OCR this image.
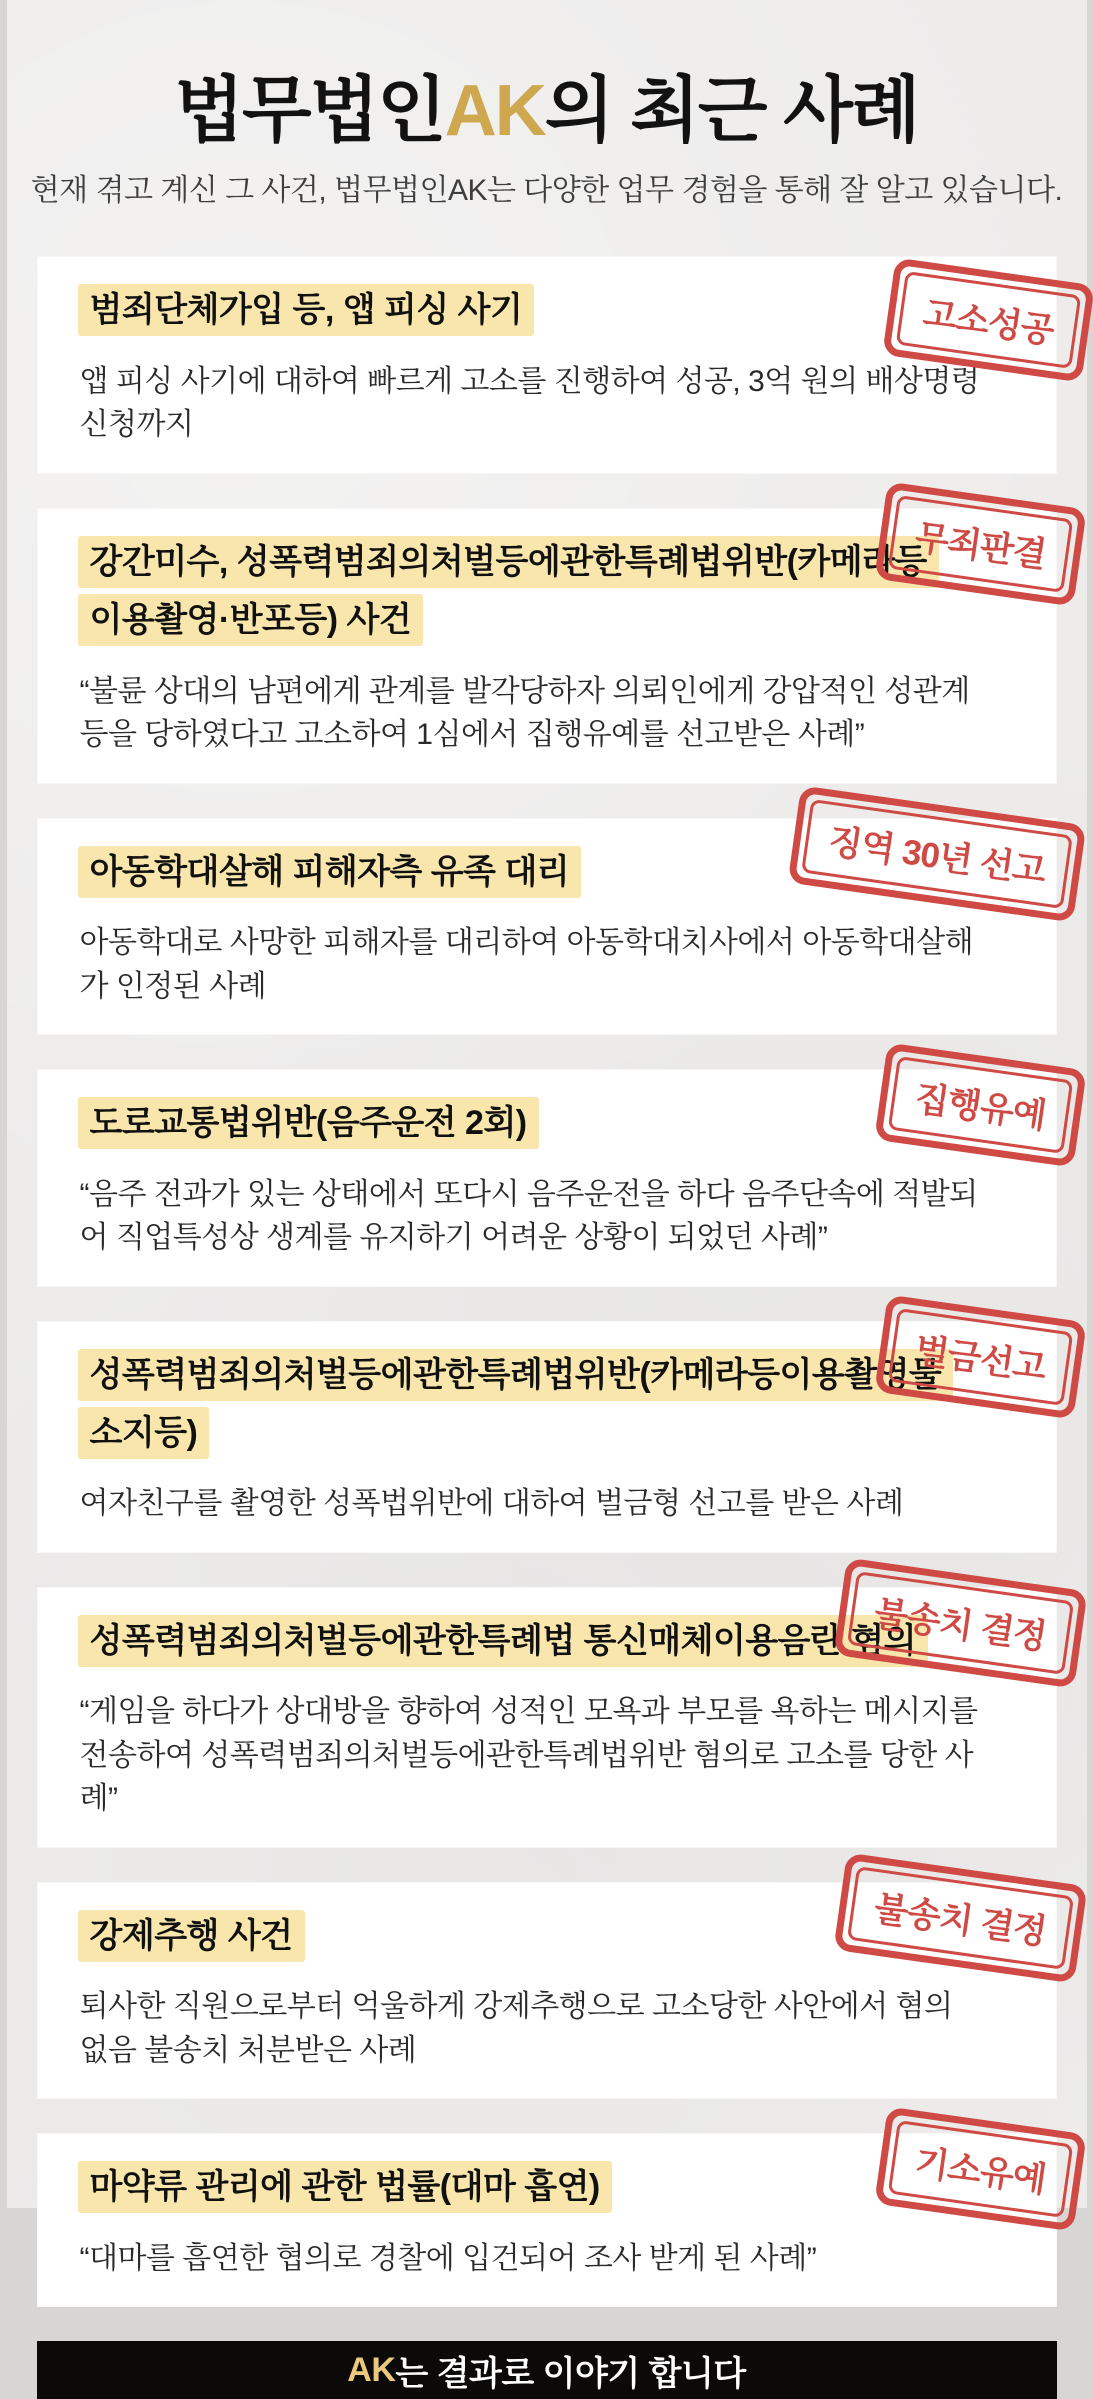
법무법인AK의 최근 사례

현재 겪고 계신 그 사건, 법무법인AK는 다양한 업무 경험을 통해 잘 알고 있습니다.

범죄단체가입 등, 앱 피싱 사기

앱 피싱 사기에 대하여 빠르게 고소를 진행하여 성공, 3억 원의 배상명령 신청까지

고소성공
강간미수, 성폭력범죄의처벌등에관한특례법위반(카메라등 이용촬영·반포등) 사건

“불륜 상대의 남편에게 관계를 발각당하자 의뢰인에게 강압적인 성관계 등을 당하였다고 고소하여 1심에서 집행유예를 선고받은 사례”

무죄판결
아동학대살해 피해자측 유족 대리

아동학대로 사망한 피해자를 대리하여 아동학대치사에서 아동학대살해가 인정된 사례

징역 30년 선고
도로교통법위반(음주운전 2회)

“음주 전과가 있는 상태에서 또다시 음주운전을 하다 음주단속에 적발되어 직업특성상 생계를 유지하기 어려운 상황이 되었던 사례”

집행유예
성폭력범죄의처벌등에관한특례법위반(카메라등이용촬영물 소지등)

여자친구를 촬영한 성폭법위반에 대하여 벌금형 선고를 받은 사례

벌금선고
성폭력범죄의처벌등에관한특례법 통신매체이용음란 혐의

“게임을 하다가 상대방을 향하여 성적인 모욕과 부모를 욕하는 메시지를 전송하여 성폭력범죄의처벌등에관한특례법위반 혐의로 고소를 당한 사례”

불송치 결정
강제추행 사건

퇴사한 직원으로부터 억울하게 강제추행으로 고소당한 사안에서 혐의 없음 불송치 처분받은 사례

불송치 결정
마약류 관리에 관한 법률(대마 흡연)

“대마를 흡연한 협의로 경찰에 입건되어 조사 받게 된 사례”

기소유예
AK 는 결과로 이야기 합니다
